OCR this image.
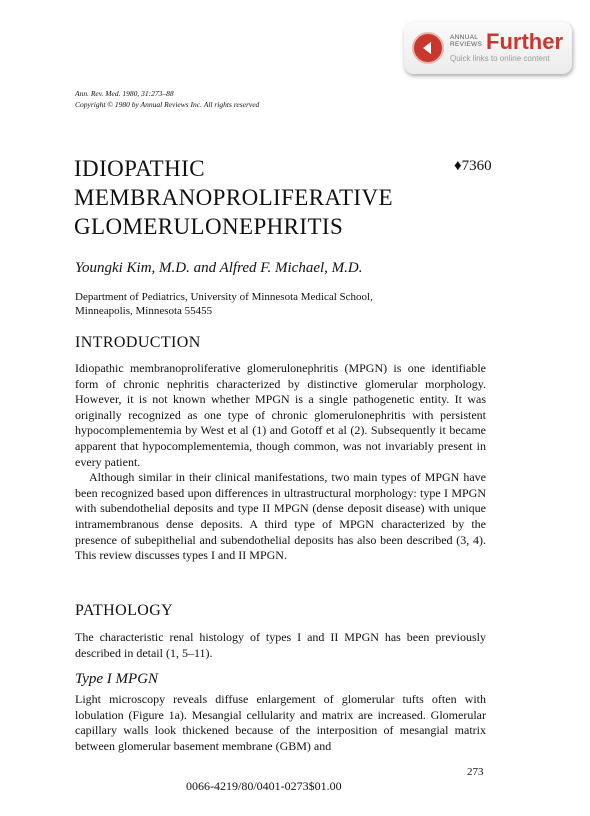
ANNUAL
REVIEWS Further
Quick links to online content
Ann. Rev. Med. 1980, 31:273–88
Copyright © 1980 by Annual Reviews Inc. All rights reserved
IDIOPATHIC
MEMBRANOPROLIFERATIVE
GLOMERULONEPHRITIS
♦7360
Youngki Kim, M.D. and Alfred F. Michael, M.D.
Department of Pediatrics, University of Minnesota Medical School,
Minneapolis, Minnesota 55455
INTRODUCTION

Idiopathic membranoproliferative glomerulonephritis (MPGN) is one identifiable form of chronic nephritis characterized by distinctive glomerular morphology. However, it is not known whether MPGN is a single pathogenetic entity. It was originally recognized as one type of chronic glomerulonephritis with persistent hypocomplementemia by West et al (1) and Gotoff et al (2). Subsequently it became apparent that hypocomplementemia, though common, was not invariably present in every patient.

Although similar in their clinical manifestations, two main types of MPGN have been recognized based upon differences in ultrastructural morphology: type I MPGN with subendothelial deposits and type II MPGN (dense deposit disease) with unique intramembranous dense deposits. A third type of MPGN characterized by the presence of subepithelial and subendothelial deposits has also been described (3, 4). This review discusses types I and II MPGN.

PATHOLOGY

The characteristic renal histology of types I and II MPGN has been previously described in detail (1, 5–11).

Type I MPGN

Light microscopy reveals diffuse enlargement of glomerular tufts often with lobulation (Figure 1a). Mesangial cellularity and matrix are increased. Glomerular capillary walls look thickened because of the interposition of mesangial matrix between glomerular basement membrane (GBM) and

273
0066-4219/80/0401-0273$01.00
